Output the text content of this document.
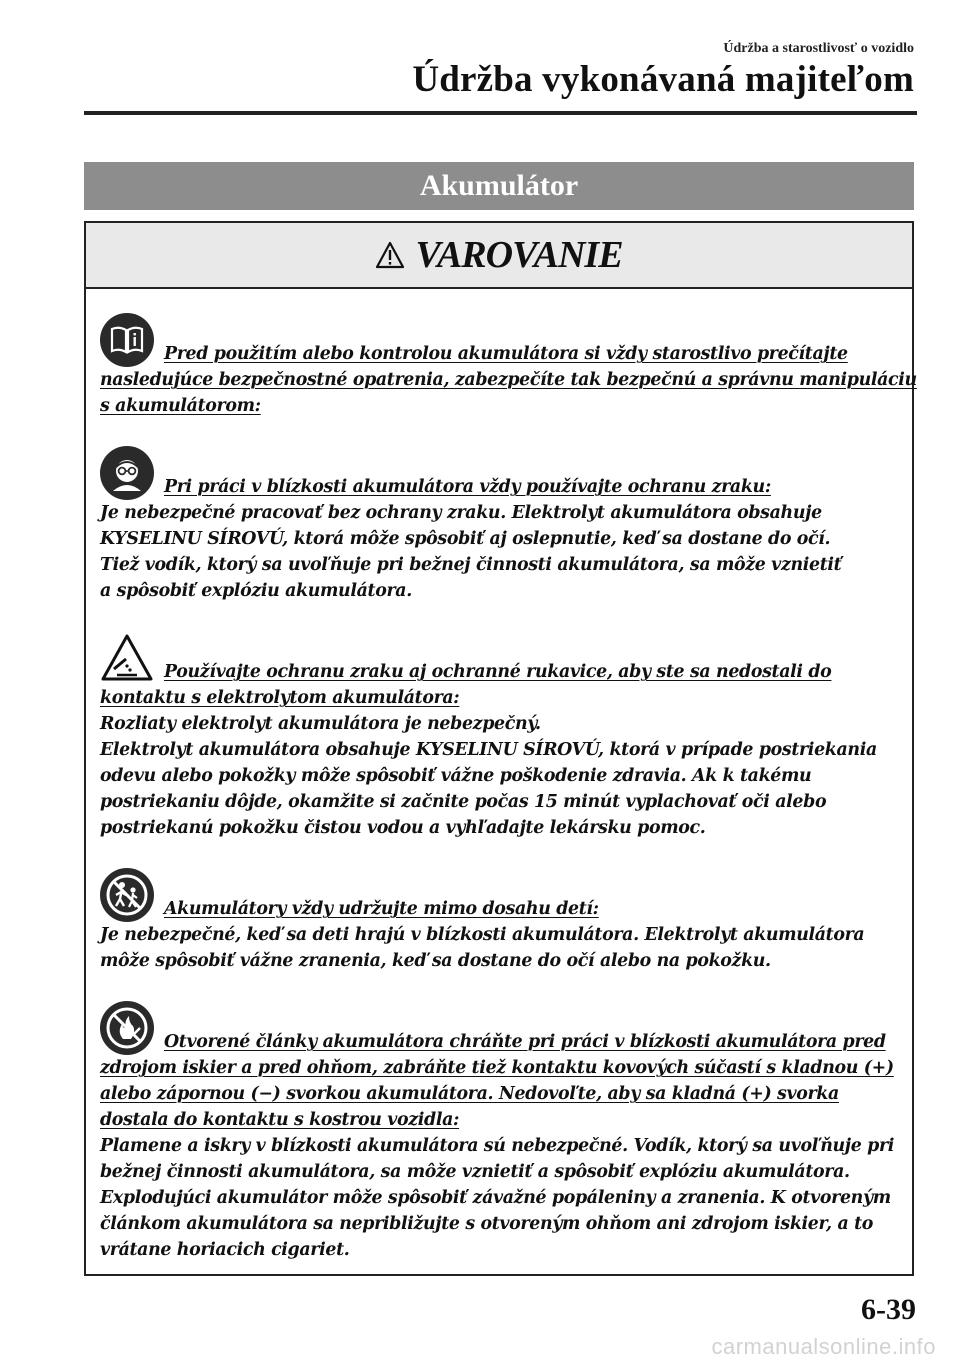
Údržba a starostlivosť o vozidlo
Údržba vykonávaná majiteľom
Akumulátor
VAROVANIE
Pred použitím alebo kontrolou akumulátora si vždy starostlivo prečítajte
nasledujúce bezpečnostné opatrenia, zabezpečíte tak bezpečnú a správnu manipuláciu
s akumulátorom:
Pri práci v blízkosti akumulátora vždy používajte ochranu zraku:
Je nebezpečné pracovať bez ochrany zraku. Elektrolyt akumulátora obsahuje
KYSELINU SÍROVÚ, ktorá môže spôsobiť aj oslepnutie, keď sa dostane do očí.
Tiež vodík, ktorý sa uvoľňuje pri bežnej činnosti akumulátora, sa môže vznietiť
a spôsobiť explóziu akumulátora.
Používajte ochranu zraku aj ochranné rukavice, aby ste sa nedostali do
kontaktu s elektrolytom akumulátora:
Rozliaty elektrolyt akumulátora je nebezpečný.
Elektrolyt akumulátora obsahuje KYSELINU SÍROVÚ, ktorá v prípade postriekania
odevu alebo pokožky môže spôsobiť vážne poškodenie zdravia. Ak k takému
postriekaniu dôjde, okamžite si začnite počas 15 minút vyplachovať oči alebo
postriekanú pokožku čistou vodou a vyhľadajte lekársku pomoc.
Akumulátory vždy udržujte mimo dosahu detí:
Je nebezpečné, keď sa deti hrajú v blízkosti akumulátora. Elektrolyt akumulátora
môže spôsobiť vážne zranenia, keď sa dostane do očí alebo na pokožku.
Otvorené články akumulátora chráňte pri práci v blízkosti akumulátora pred
zdrojom iskier a pred ohňom, zabráňte tiež kontaktu kovových súčastí s kladnou (+)
alebo zápornou (−) svorkou akumulátora. Nedovoľte, aby sa kladná (+) svorka
dostala do kontaktu s kostrou vozidla:
Plamene a iskry v blízkosti akumulátora sú nebezpečné. Vodík, ktorý sa uvoľňuje pri
bežnej činnosti akumulátora, sa môže vznietiť a spôsobiť explóziu akumulátora.
Explodujúci akumulátor môže spôsobiť závažné popáleniny a zranenia. K otvoreným
článkom akumulátora sa nepribližujte s otvoreným ohňom ani zdrojom iskier, a to
vrátane horiacich cigariet.
6-39
carmanualsonline.info
